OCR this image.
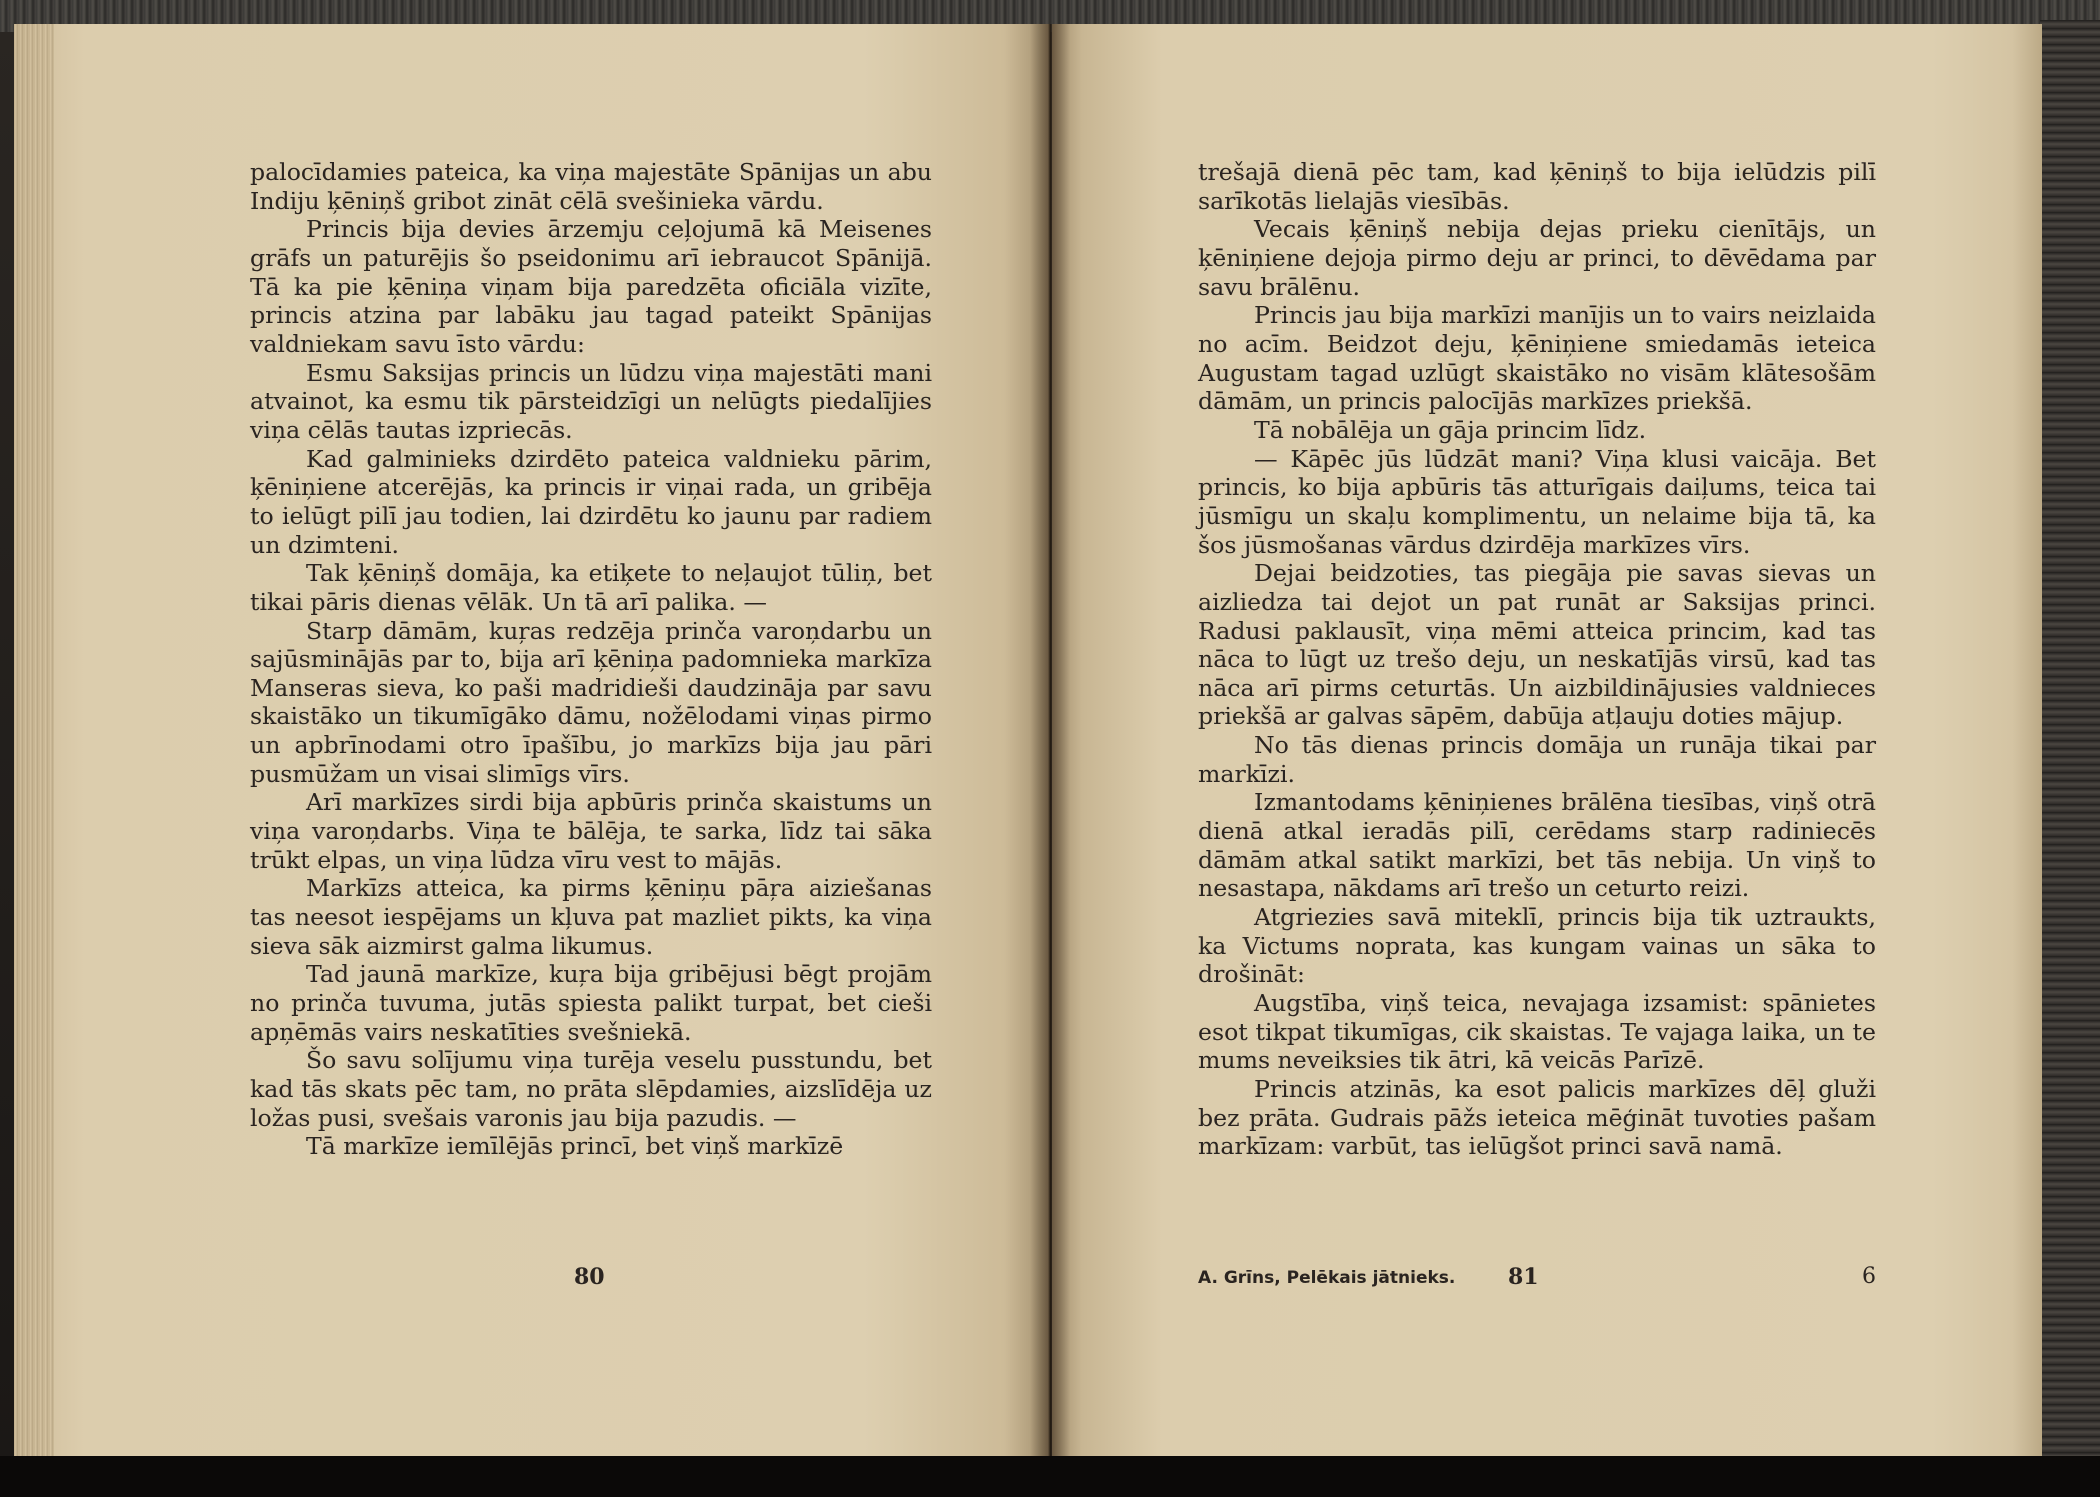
palocīdamies pateica, ka viņa majestāte Spānijas un abu Indiju ķēniņš gribot zināt cēlā svešinieka vārdu.

Princis bija devies ārzemju ceļojumā kā Meisenes grāfs un paturējis šo pseidonimu arī iebraucot Spānijā. Tā ka pie ķēniņa viņam bija paredzēta oficiāla vizīte, princis atzina par labāku jau tagad pateikt Spānijas valdniekam savu īsto vārdu:

Esmu Saksijas princis un lūdzu viņa majestāti mani atvainot, ka esmu tik pārsteidzīgi un nelūgts piedalījies viņa cēlās tautas izpriecās.

Kad galminieks dzirdēto pateica valdnieku pārim, ķēniņiene atcerējās, ka princis ir viņai rada, un gribēja to ielūgt pilī jau todien, lai dzirdētu ko jaunu par radiem un dzimteni.

Tak ķēniņš domāja, ka etiķete to neļaujot tūliņ, bet tikai pāris dienas vēlāk. Un tā arī palika. —

Starp dāmām, kuŗas redzēja prinča varoņdarbu un sajūsminājās par to, bija arī ķēniņa padomnieka markīza Manseras sieva, ko paši madridieši daudzināja par savu skaistāko un tikumīgāko dāmu, nožēlodami viņas pirmo un apbrīnodami otro īpašību, jo markīzs bija jau pāri pusmūžam un visai slimīgs vīrs.

Arī markīzes sirdi bija apbūris prinča skaistums un viņa varoņdarbs. Viņa te bālēja, te sarka, līdz tai sāka trūkt elpas, un viņa lūdza vīru vest to mājās.

Markīzs atteica, ka pirms ķēniņu pāŗa aiziešanas tas neesot iespējams un kļuva pat mazliet pikts, ka viņa sieva sāk aizmirst galma likumus.

Tad jaunā markīze, kuŗa bija gribējusi bēgt projām no prinča tuvuma, jutās spiesta palikt turpat, bet cieši apņēmās vairs neskatīties svešniekā.

Šo savu solījumu viņa turēja veselu pusstundu, bet kad tās skats pēc tam, no prāta slēpdamies, aizslīdēja uz ložas pusi, svešais varonis jau bija pazudis. —

Tā markīze iemīlējās princī, bet viņš markīzē

80

trešajā dienā pēc tam, kad ķēniņš to bija ielūdzis pilī sarīkotās lielajās viesībās.

Vecais ķēniņš nebija dejas prieku cienītājs, un ķēniņiene dejoja pirmo deju ar princi, to dēvēdama par savu brālēnu.

Princis jau bija markīzi manījis un to vairs neizlaida no acīm. Beidzot deju, ķēniņiene smiedamās ieteica Augustam tagad uzlūgt skaistāko no visām klātesošām dāmām, un princis palocījās markīzes priekšā.

Tā nobālēja un gāja princim līdz.

— Kāpēc jūs lūdzāt mani? Viņa klusi vaicāja. Bet princis, ko bija apbūris tās atturīgais daiļums, teica tai jūsmīgu un skaļu komplimentu, un nelaime bija tā, ka šos jūsmošanas vārdus dzirdēja markīzes vīrs.

Dejai beidzoties, tas piegāja pie savas sievas un aizliedza tai dejot un pat runāt ar Saksijas princi. Radusi paklausīt, viņa mēmi atteica princim, kad tas nāca to lūgt uz trešo deju, un neskatījās virsū, kad tas nāca arī pirms ceturtās. Un aizbildinājusies valdnieces priekšā ar galvas sāpēm, dabūja atļauju doties mājup.

No tās dienas princis domāja un runāja tikai par markīzi.

Izmantodams ķēniņienes brālēna tiesības, viņš otrā dienā atkal ieradās pilī, cerēdams starp radiniecēs dāmām atkal satikt markīzi, bet tās nebija. Un viņš to nesastapa, nākdams arī trešo un ceturto reizi.

Atgriezies savā miteklī, princis bija tik uztraukts, ka Victums noprata, kas kungam vainas un sāka to drošināt:

Augstība, viņš teica, nevajaga izsamist: spānietes esot tikpat tikumīgas, cik skaistas. Te vajaga laika, un te mums neveiksies tik ātri, kā veicās Parīzē.

Princis atzinās, ka esot palicis markīzes dēļ gluži bez prāta. Gudrais pāžs ieteica mēģināt tuvoties pašam markīzam: varbūt, tas ielūgšot princi savā namā.

A. Grīns, Pelēkais jātnieks. 81	6
